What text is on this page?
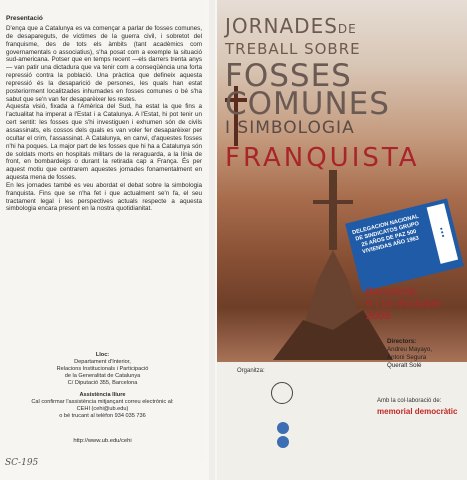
Presentació

D'ença que a Catalunya es va començar a parlar de fosses comunes, de desapareguts, de víctimes de la guerra civil, i sobretot del franquisme, des de tots els àmbits (tant acadèmics com governamentals o associatius), s'ha posat com a exemple la situació sud-americana. Potser que en temps recent —els darrers trenta anys— van patir una dictadura que va tenir com a conseqüència una forta repressió contra la població. Una pràctica que defineix aquesta repressió és la desaparició de persones, les quals han estat posteriorment localitzades inhumades en fosses comunes o bé s'ha sabut que se'n van fer desaparèixer les restes.

Aquesta visió, fixada a l'Amèrica del Sud, ha estat la que fins a l'actualitat ha imperat a l'Estat i a Catalunya. A l'Estat, hi pot tenir un cert sentit: les fosses que s'hi investiguen i exhumen són de civils assassinats, els cossos dels quals es van voler fer desaparèixer per ocultar el crim, l'assassinat. A Catalunya, en canvi, d'aquestes fosses n'hi ha poques. La major part de les fosses que hi ha a Catalunya són de soldats morts en hospitals militars de la reraguarda, a la línia de front, en bombardeigs o durant la retirada cap a França. És per aquest motiu que centrarem aquestes jornades fonamentalment en aquesta mena de fosses.

En les jornades també es veu abordat el debat sobre la simbologia franquista. Fins que se n'ha fet i que actualment se'n fa, el seu tractament legal i les perspectives actuals respecte a aquesta simbologia encara present en la nostra quotidianitat.

Lloc:
Departament d'Interior,
Relacions Institucionals i Participació
de la Generalitat de Catalunya
C/ Diputació 355, Barcelona
Assistència lliure
Cal confirmar l'assistència mitjançant correu electrònic al:
CEHI (cehi@ub.edu)
o bé trucant al telèfon 934 035 736
http://www.ub.edu/cehi
SC-195
JORNADESDE
TREBALL SOBRE
FOSSES
COMUNES
I SIMBOLOGIA
FRANQUISTA
DELEGACION NACIONAL DE SINDICATOS GRUPO 25 AÑOS DE PAZ 500 VIVIENDAS AÑO 1963
⫶
Barcelona,
9 i 10 d'octubre
2008
Directors:
Andreu Mayayo,
Antoni Segura
Queralt Solé
Organitza:
Amb la col·laboració de:
memorial democràtic
